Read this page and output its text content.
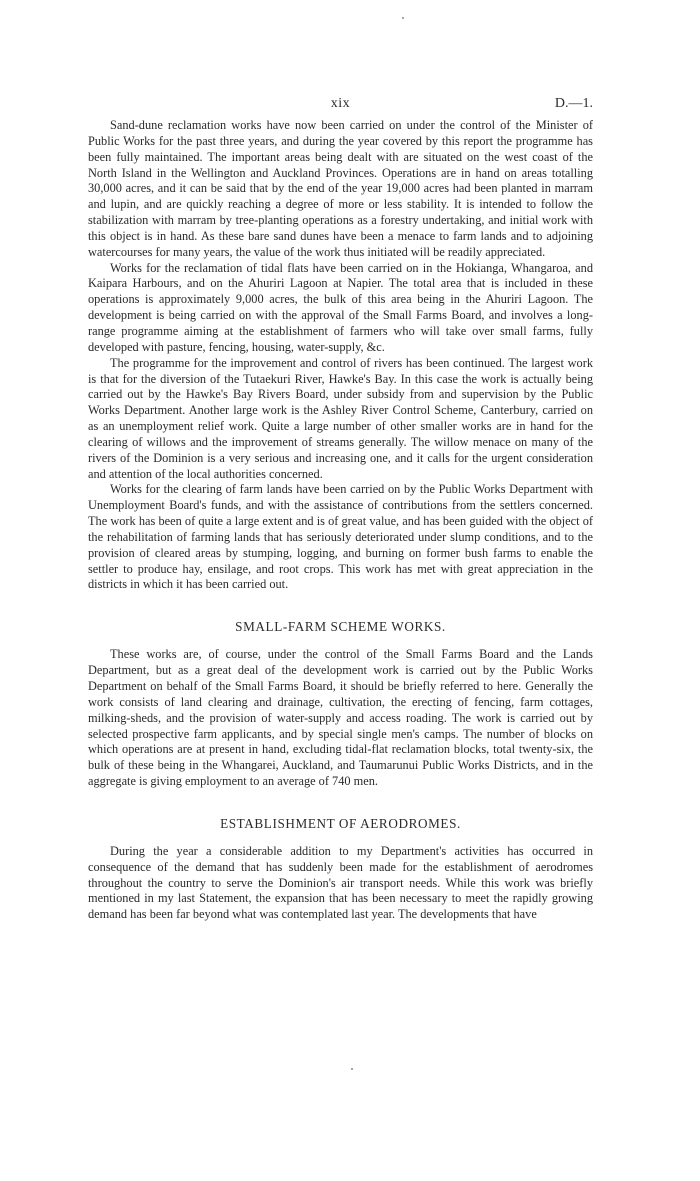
xix	D.—1.

Sand-dune reclamation works have now been carried on under the control of the Minister of Public Works for the past three years, and during the year covered by this report the programme has been fully maintained. The important areas being dealt with are situated on the west coast of the North Island in the Wellington and Auckland Provinces. Operations are in hand on areas totalling 30,000 acres, and it can be said that by the end of the year 19,000 acres had been planted in marram and lupin, and are quickly reaching a degree of more or less stability. It is intended to follow the stabilization with marram by tree-planting operations as a forestry undertaking, and initial work with this object is in hand. As these bare sand dunes have been a menace to farm lands and to adjoining watercourses for many years, the value of the work thus initiated will be readily appreciated.

Works for the reclamation of tidal flats have been carried on in the Hokianga, Whangaroa, and Kaipara Harbours, and on the Ahuriri Lagoon at Napier. The total area that is included in these operations is approximately 9,000 acres, the bulk of this area being in the Ahuriri Lagoon. The development is being carried on with the approval of the Small Farms Board, and involves a long-range programme aiming at the establishment of farmers who will take over small farms, fully developed with pasture, fencing, housing, water-supply, &c.

The programme for the improvement and control of rivers has been continued. The largest work is that for the diversion of the Tutaekuri River, Hawke's Bay. In this case the work is actually being carried out by the Hawke's Bay Rivers Board, under subsidy from and supervision by the Public Works Department. Another large work is the Ashley River Control Scheme, Canterbury, carried on as an unemployment relief work. Quite a large number of other smaller works are in hand for the clearing of willows and the improvement of streams generally. The willow menace on many of the rivers of the Dominion is a very serious and increasing one, and it calls for the urgent consideration and attention of the local authorities concerned.

Works for the clearing of farm lands have been carried on by the Public Works Department with Unemployment Board's funds, and with the assistance of contributions from the settlers concerned. The work has been of quite a large extent and is of great value, and has been guided with the object of the rehabilitation of farming lands that has seriously deteriorated under slump conditions, and to the provision of cleared areas by stumping, logging, and burning on former bush farms to enable the settler to produce hay, ensilage, and root crops. This work has met with great appreciation in the districts in which it has been carried out.

SMALL-FARM SCHEME WORKS.

These works are, of course, under the control of the Small Farms Board and the Lands Department, but as a great deal of the development work is carried out by the Public Works Department on behalf of the Small Farms Board, it should be briefly referred to here. Generally the work consists of land clearing and drainage, cultivation, the erecting of fencing, farm cottages, milking-sheds, and the provision of water-supply and access roading. The work is carried out by selected prospective farm applicants, and by special single men's camps. The number of blocks on which operations are at present in hand, excluding tidal-flat reclamation blocks, total twenty-six, the bulk of these being in the Whangarei, Auckland, and Taumarunui Public Works Districts, and in the aggregate is giving employment to an average of 740 men.

ESTABLISHMENT OF AERODROMES.

During the year a considerable addition to my Department's activities has occurred in consequence of the demand that has suddenly been made for the establishment of aerodromes throughout the country to serve the Dominion's air transport needs. While this work was briefly mentioned in my last Statement, the expansion that has been necessary to meet the rapidly growing demand has been far beyond what was contemplated last year. The developments that have
